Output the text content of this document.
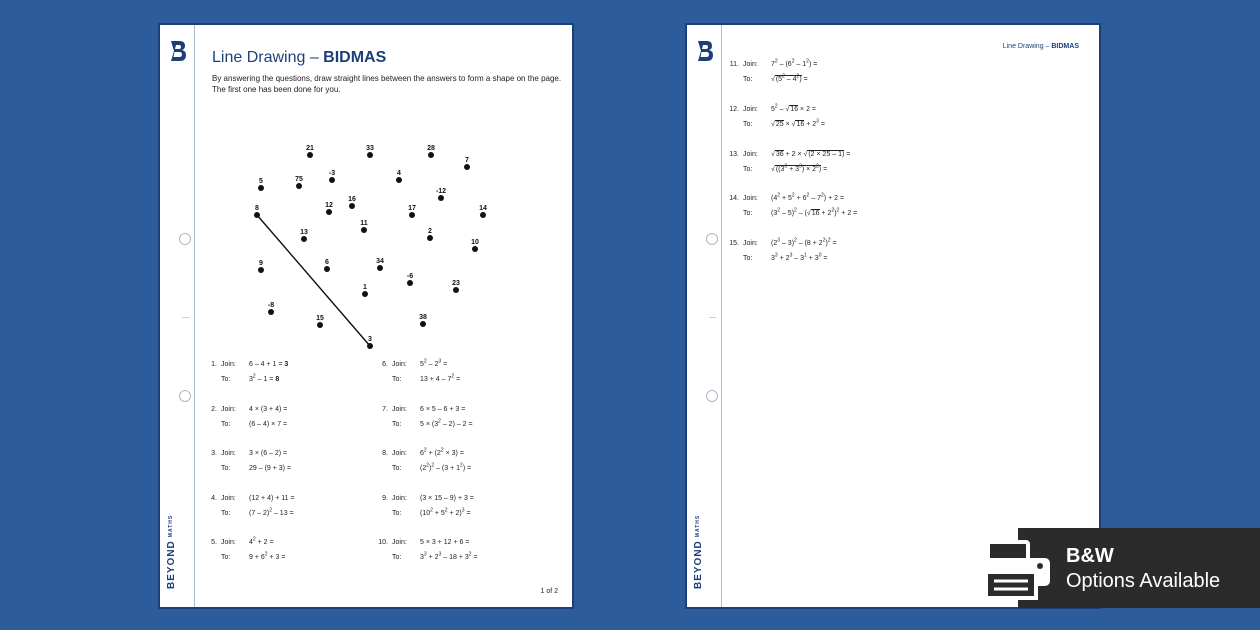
BEYONDMATHS
Line Drawing – BIDMAS
By answering the questions, draw straight lines between the answers to form a shape on the page. The first one has been done for you.
21	33	28
7
5	75
-3	4
-12
16
12	17	14
8
11
13	2
10
9	6	34
-6
23
1
-8
15	38
3
1. Join: 6 – 4 + 1 = 3
To:	$3^2 - 1 = 8$
2. Join: 4 × (3 + 4) =
To:	(6 – 4) × 7 =
3. Join: 3 × (6 – 2) =
To:	29 – (9 + 3) =
4. Join: (12 + 4) + 11 =
To:	(7 – 2)$^2$ – 13 =
5. Join: $4^2 + 2$ =
To:	$9 + 6^2 + 3$ =
6. Join: $5^2 - 2^3$ =
To:	$13 + 4 - 7^2$ =
7. Join: 6 × 5 – 6 + 3 =
To:	$5 \times (3^2 - 2) - 2$ =
8. Join: $6^2 + (2^2 \times 3)$ =
To:	$(2^2)^2 - (3 + 1^2)$ =
9. Join: (3 × 15 – 9) + 3 =
To:	$(10^2 + 5^2 + 2)^3$ =
10. Join: 5 × 3 + 12 + 6 =
To:	$3^3 + 2^3 - 18 + 3^2$ =
1 of 2
BEYONDMATHS
Line Drawing – BIDMAS
11. Join: $7^2 - (6^2 - 1^2)$ =
To:	$√(5^2 - 4^2)$ =
12. Join: $5^2 - √16 \times 2$ =
To:	$√25 \times √16 + 2^3$ =
13. Join: √36 + 2 × √(2 × 25 – 1) =
To:	$√((3^3 + 3^3) \times 2^2)$ =
14. Join: $(4^2 + 5^2 + 6^2 - 7^2) + 2$ =
To:	$(3^2 - 5)^2 - (√16 + 2^2)^2 + 2$ =
15. Join: $(2^3 - 3)^2 - (8 + 2^2)^2$ =
To:	$3^3 + 2^3 - 3^1 + 3^0$ =
B&W
Options Available
